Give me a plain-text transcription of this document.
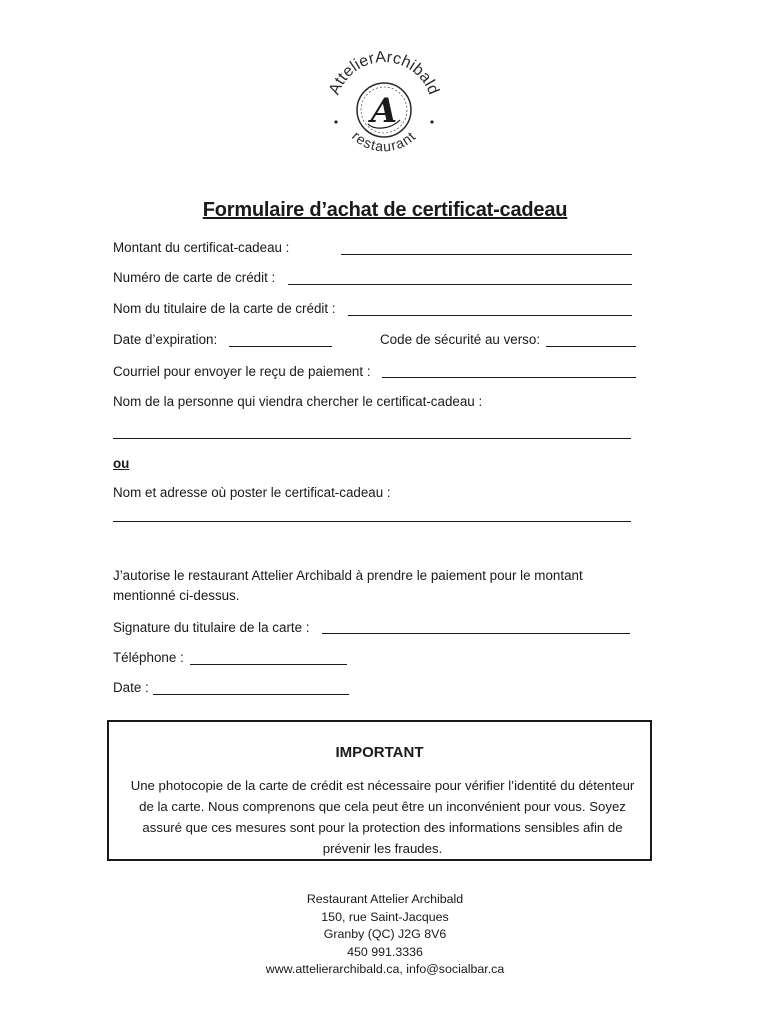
AttelierArchibald
restaurant
A
Formulaire d’achat de certificat-cadeau
Montant du certificat-cadeau :
Numéro de carte de crédit :
Nom du titulaire de la carte de crédit :
Date d’expiration:	Code de sécurité au verso:
Courriel pour envoyer le reçu de paiement :
Nom de la personne qui viendra chercher le certificat-cadeau :
ou
Nom et adresse où poster le certificat-cadeau :
J’autorise le restaurant Attelier Archibald à prendre le paiement pour le montant mentionné ci-dessus.
Signature du titulaire de la carte :
Téléphone :
Date :
IMPORTANT
Une photocopie de la carte de crédit est nécessaire pour vérifier l’identité du détenteur
de la carte. Nous comprenons que cela peut être un inconvénient pour vous. Soyez
assuré que ces mesures sont pour la protection des informations sensibles afin de
prévenir les fraudes.
Restaurant Attelier Archibald
150, rue Saint-Jacques
Granby (QC) J2G 8V6
450 991.3336
www.attelierarchibald.ca, info@socialbar.ca
